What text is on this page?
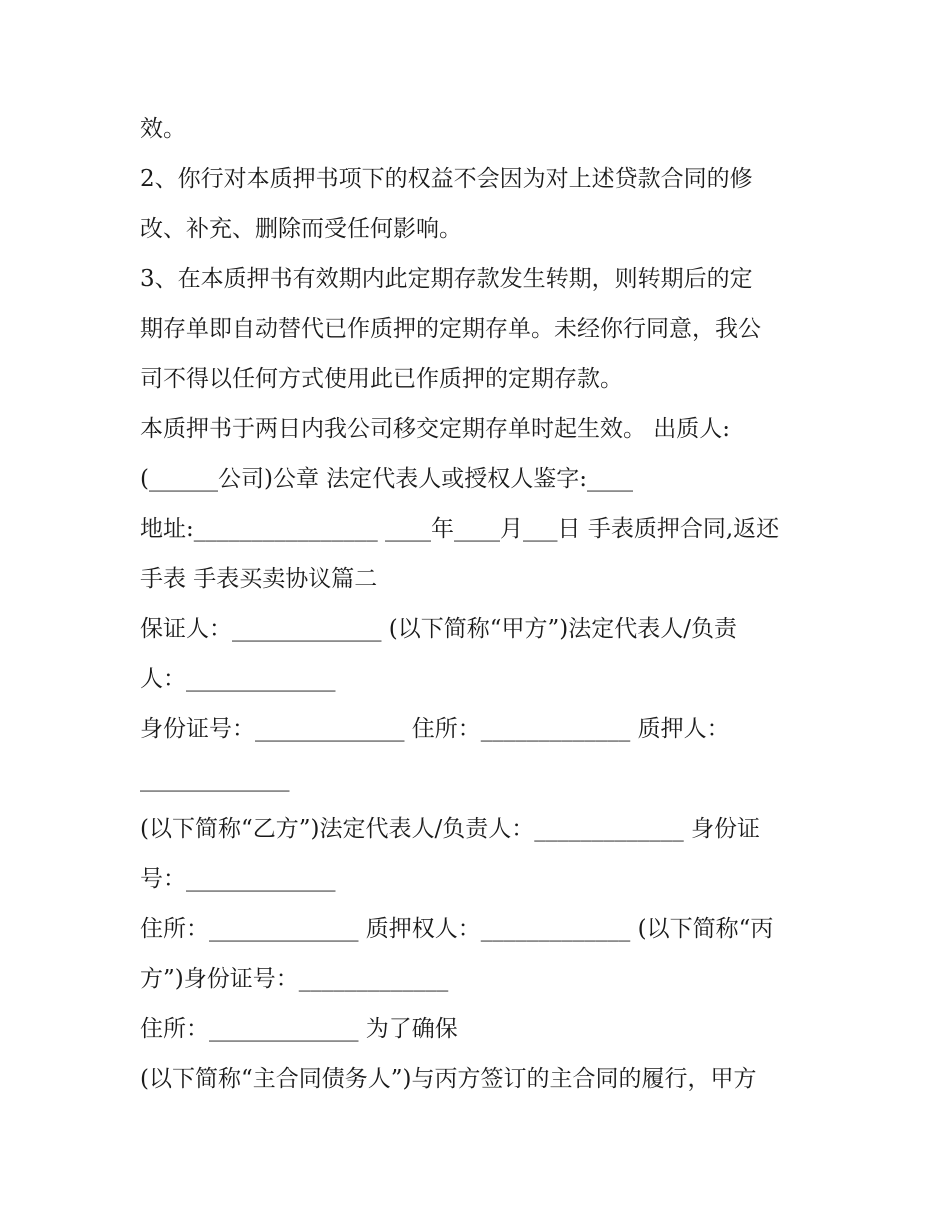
效。

2、你行对本质押书项下的权益不会因为对上述贷款合同的修

改、补充、删除而受任何影响。

3、在本质押书有效期内此定期存款发生转期，则转期后的定

期存单即自动替代已作质押的定期存单。未经你行同意，我公

司不得以任何方式使用此已作质押的定期存款。

本质押书于两日内我公司移交定期存单时起生效。 出质人:

(______公司)公章 法定代表人或授权人鉴字:____

地址:________________ ____年____月___日 手表质押合同,返还

手表 手表买卖协议篇二

保证人：_____________ (以下简称“甲方”)法定代表人/负责

人：_____________

身份证号：_____________ 住所：_____________ 质押人：

_____________

(以下简称“乙方”)法定代表人/负责人：_____________ 身份证

号：_____________

住所：_____________ 质押权人：_____________ (以下简称“丙

方”)身份证号：_____________

住所：_____________ 为了确保

(以下简称“主合同债务人”)与丙方签订的主合同的履行，甲方
